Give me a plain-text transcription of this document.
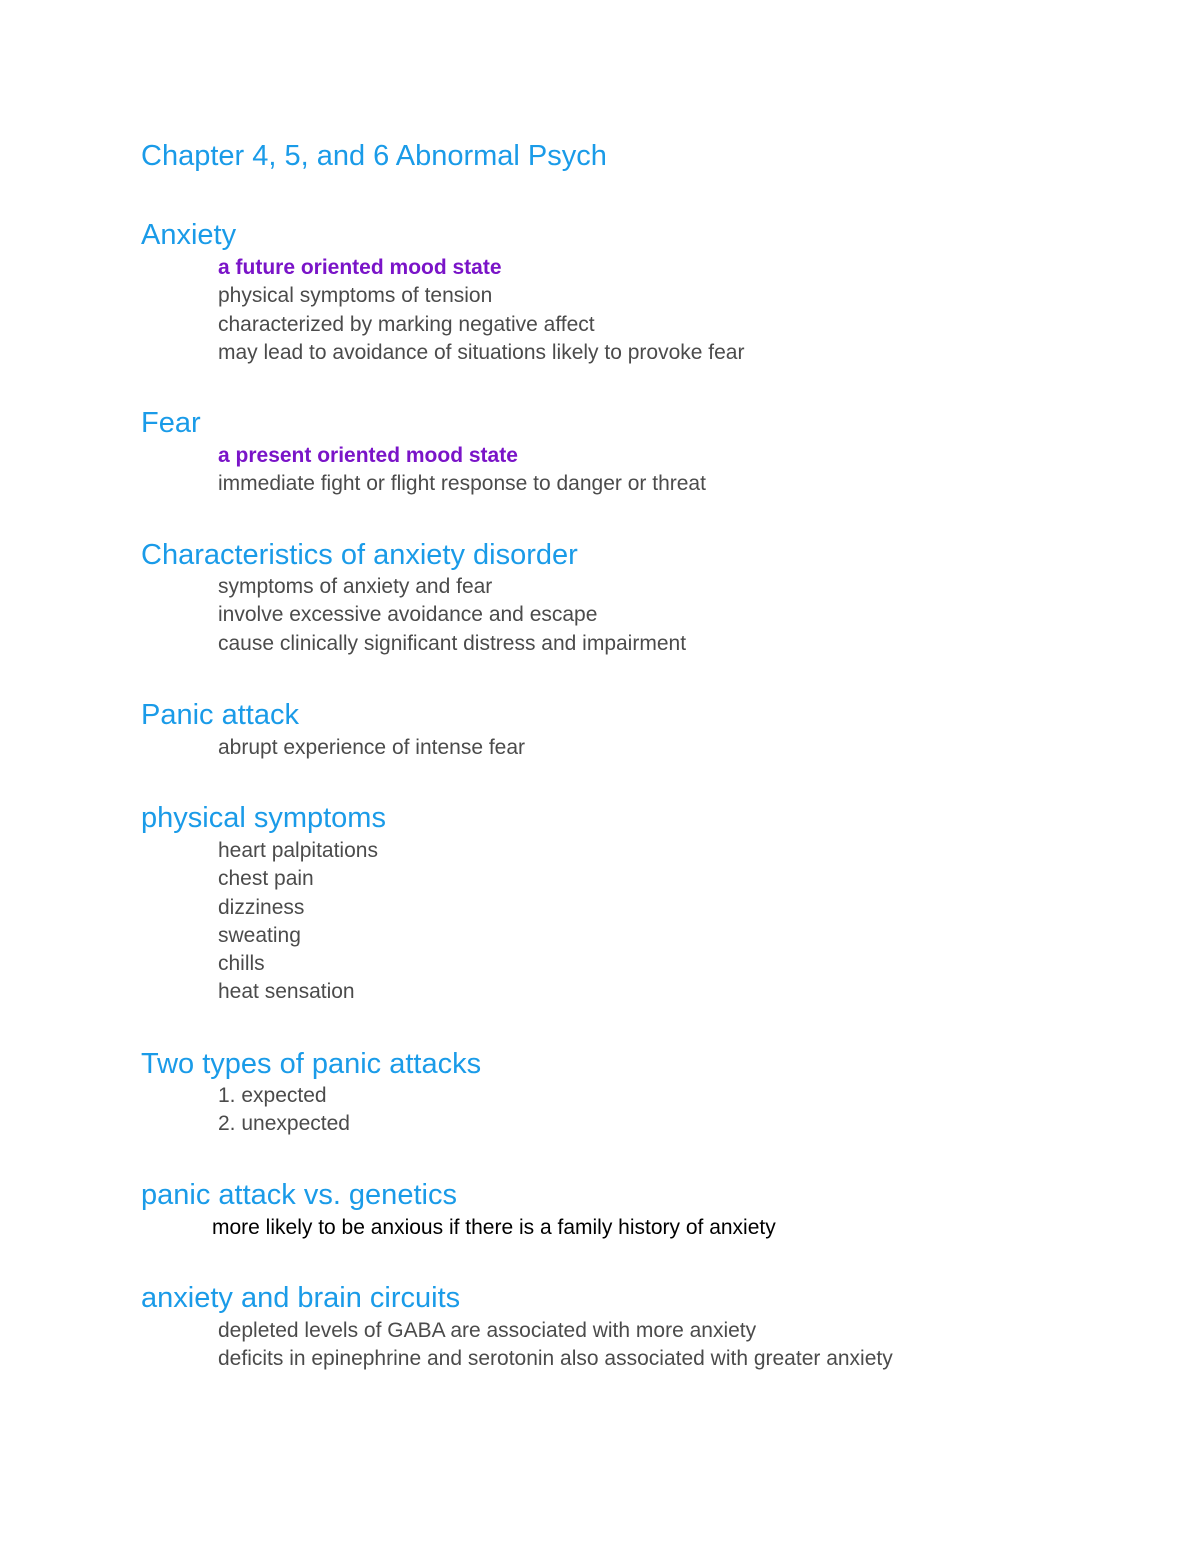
Chapter 4, 5, and 6 Abnormal Psych
Anxiety
a future oriented mood state
physical symptoms of tension
characterized by marking negative affect
may lead to avoidance of situations likely to provoke fear
Fear
a present oriented mood state
immediate fight or flight response to danger or threat
Characteristics of anxiety disorder
symptoms of anxiety and fear
involve excessive avoidance and escape
cause clinically significant distress and impairment
Panic attack
abrupt experience of intense fear
physical symptoms
heart palpitations
chest pain
dizziness
sweating
chills
heat sensation
Two types of panic attacks
1. expected
2. unexpected
panic attack vs. genetics
more likely to be anxious if there is a family history of anxiety
anxiety and brain circuits
depleted levels of GABA are associated with more anxiety
deficits in epinephrine and serotonin also associated with greater anxiety
